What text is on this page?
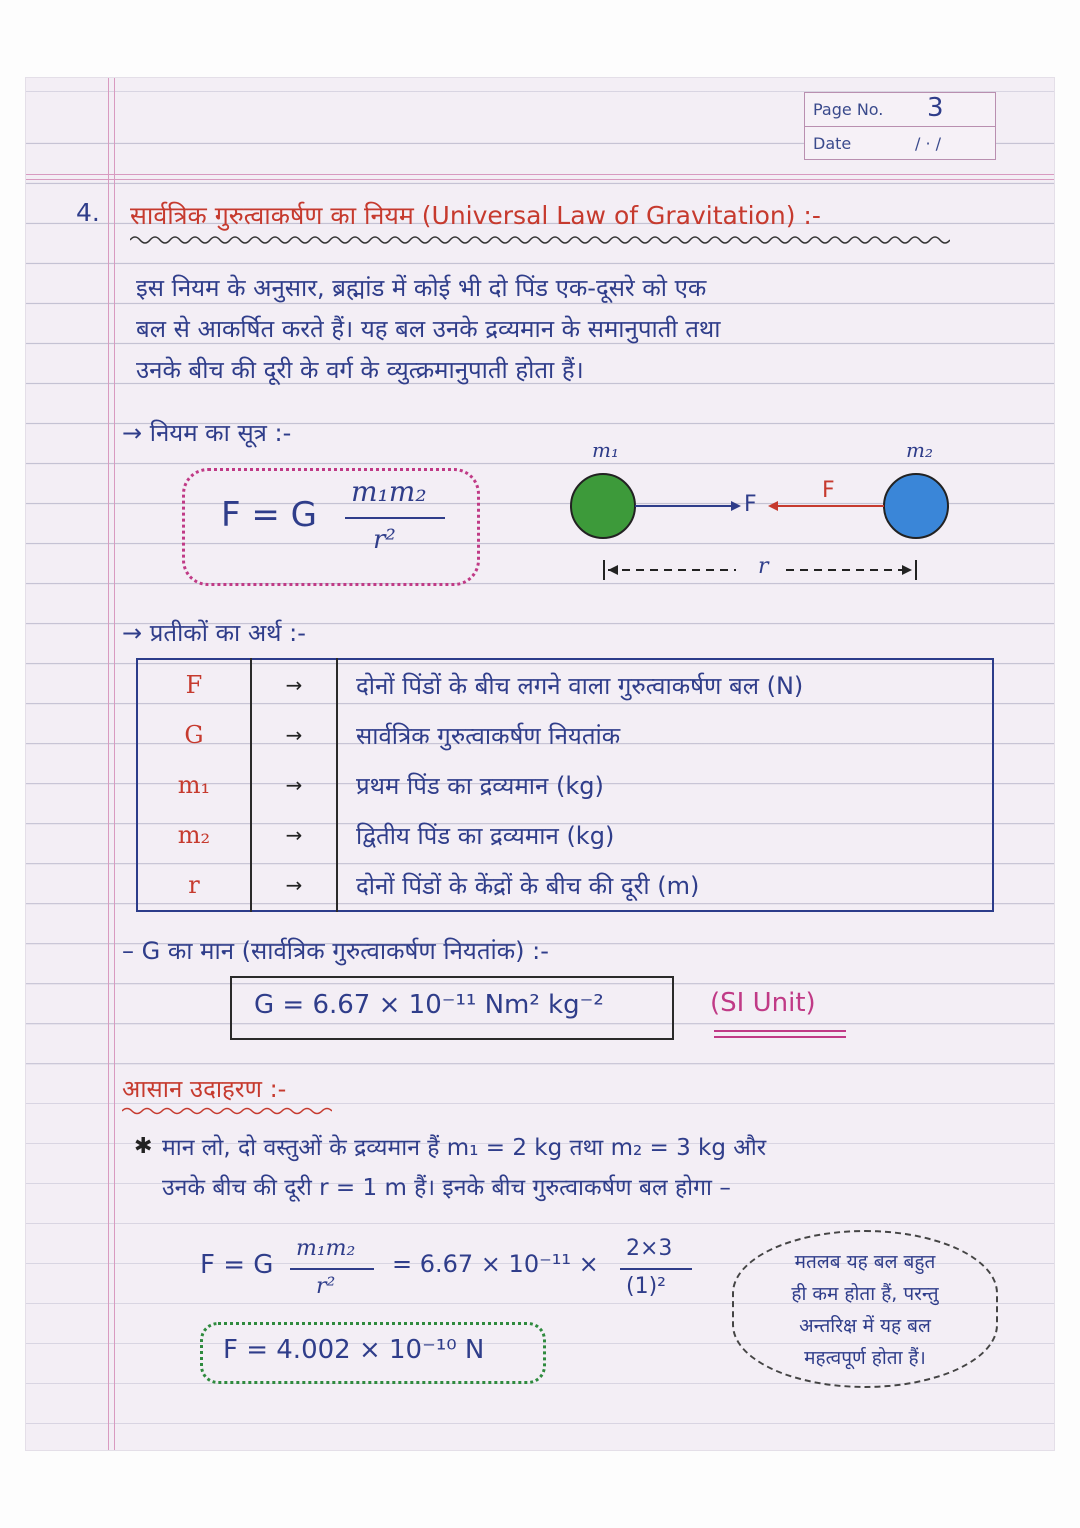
Page No. 3
Date	/ · /
4. सार्वत्रिक गुरुत्वाकर्षण का नियम (Universal Law of Gravitation) :-
इस नियम के अनुसार, ब्रह्मांड में कोई भी दो पिंड एक-दूसरे को एक
बल से आकर्षित करते हैं। यह बल उनके द्रव्यमान के समानुपाती तथा
उनके बीच की दूरी के वर्ग के व्युत्क्रमानुपाती होता हैं।
→ नियम का सूत्र :-
F = G
m₁m₂
r²
m₁	m₂
F
F
r
→ प्रतीकों का अर्थ :-
F	→	दोनों पिंडों के बीच लगने वाला गुरुत्वाकर्षण बल (N)
G	→	सार्वत्रिक गुरुत्वाकर्षण नियतांक
m₁	→	प्रथम पिंड का द्रव्यमान (kg)
m₂	→	द्वितीय पिंड का द्रव्यमान (kg)
r	→	दोनों पिंडों के केंद्रों के बीच की दूरी (m)
– G का मान (सार्वत्रिक गुरुत्वाकर्षण नियतांक) :-
G = 6.67 × 10⁻¹¹ Nm² kg⁻²	(SI Unit)
आसान उदाहरण :-
✱ मान लो, दो वस्तुओं के द्रव्यमान हैं m₁ = 2 kg तथा m₂ = 3 kg और
उनके बीच की दूरी r = 1 m हैं। इनके बीच गुरुत्वाकर्षण बल होगा –
F = G
m₁m₂
r²
= 6.67 × 10⁻¹¹ ×
2×3
(1)²
F = 4.002 × 10⁻¹⁰ N
मतलब यह बल बहुत
ही कम होता हैं, परन्तु
अन्तरिक्ष में यह बल
महत्वपूर्ण होता हैं।
